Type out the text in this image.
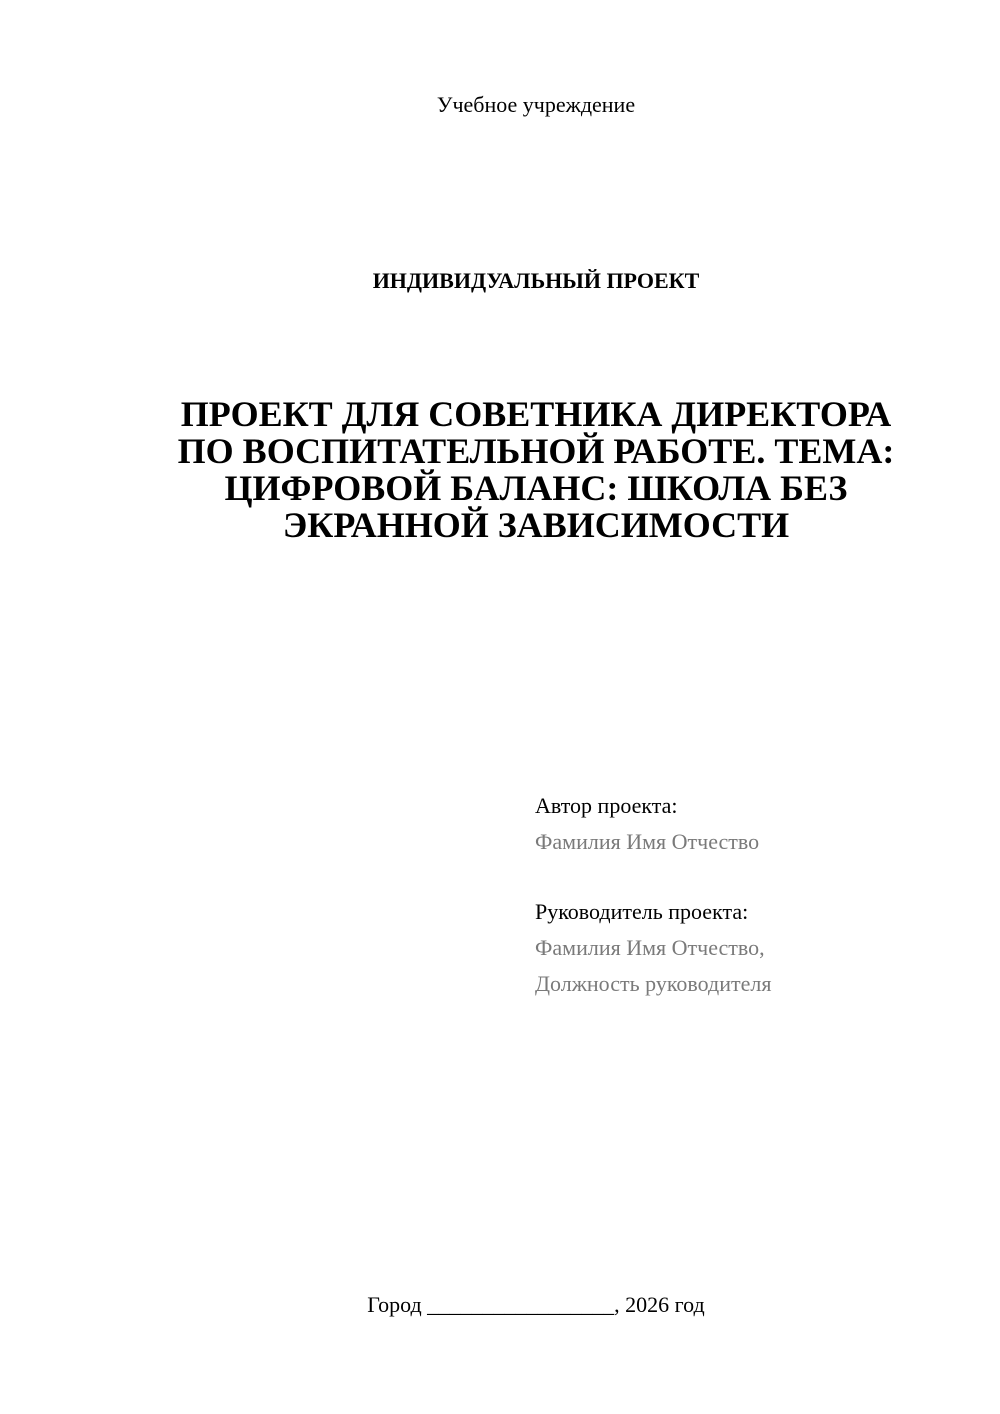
Учебное учреждение
ИНДИВИДУАЛЬНЫЙ ПРОЕКТ
ПРОЕКТ ДЛЯ СОВЕТНИКА ДИРЕКТОРА
ПО ВОСПИТАТЕЛЬНОЙ РАБОТЕ. ТЕМА:
ЦИФРОВОЙ БАЛАНС: ШКОЛА БЕЗ
ЭКРАННОЙ ЗАВИСИМОСТИ
Автор проекта:
Фамилия Имя Отчество
Руководитель проекта:
Фамилия Имя Отчество,
Должность руководителя
Город _________________, 2026 год
